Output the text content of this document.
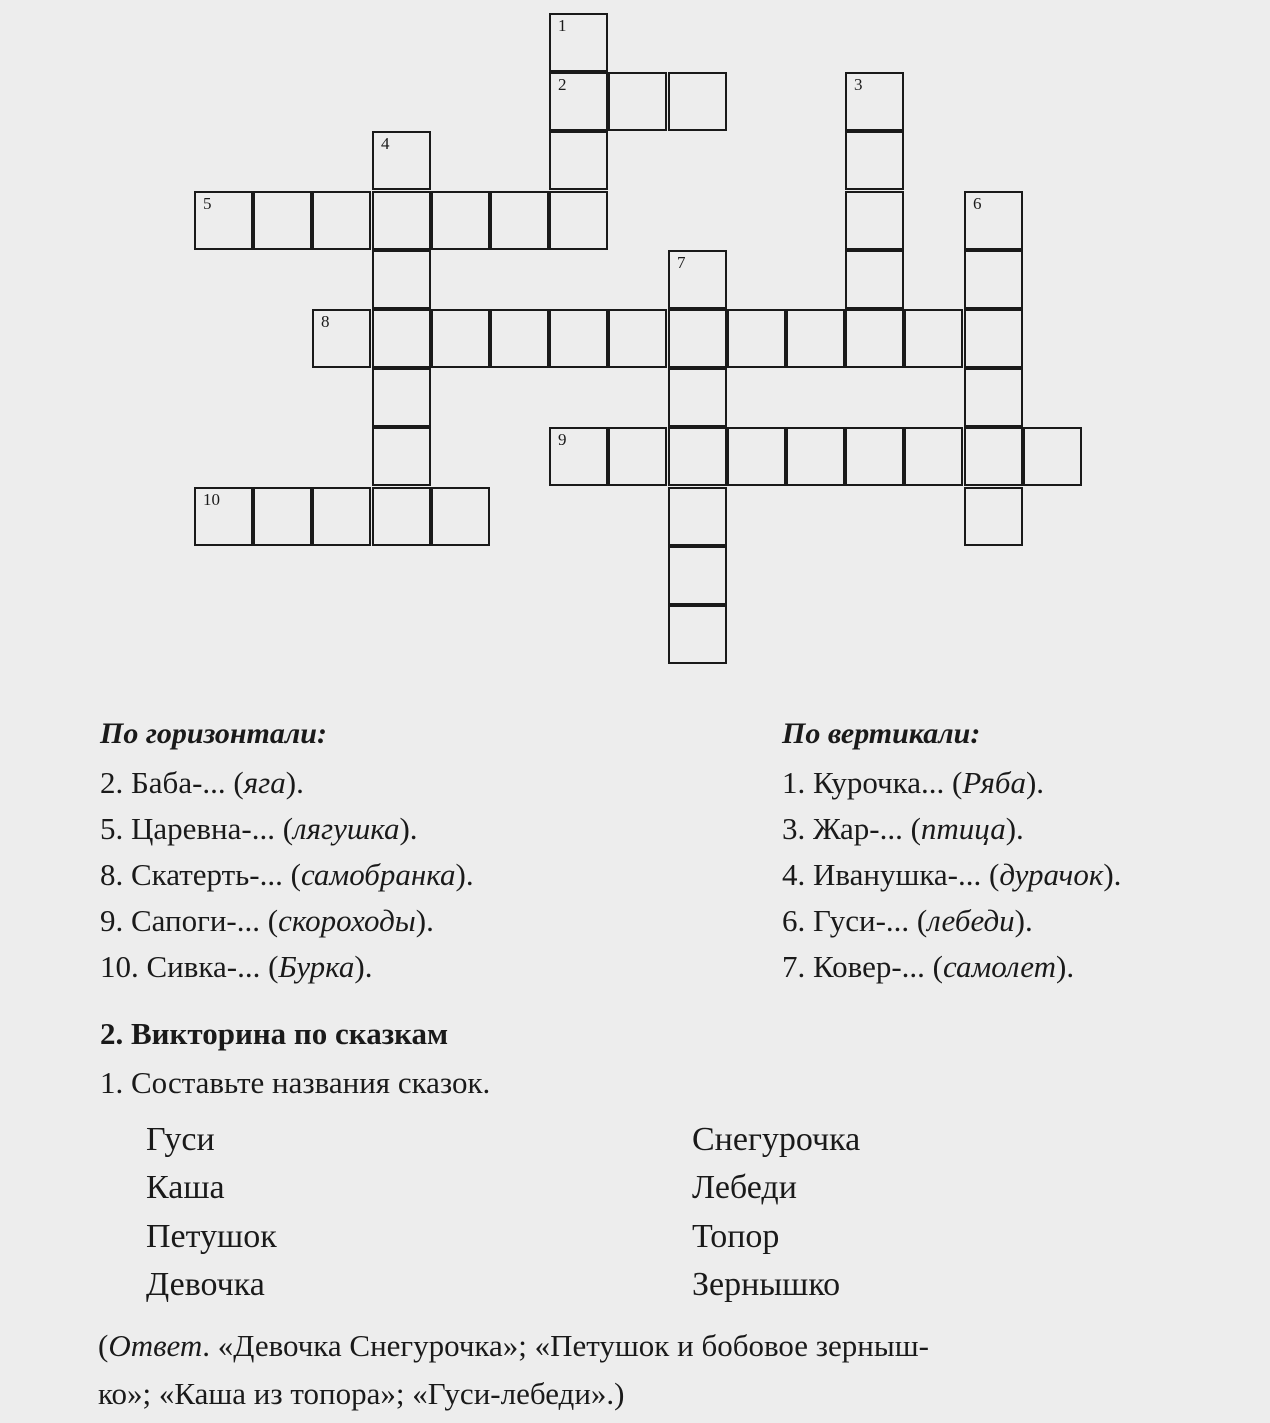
2
5
8
9
10
1
3
4
6
7
По горизонтали:
2. Баба-... (яга).
5. Царевна-... (лягушка).
8. Скатерть-... (самобранка).
9. Сапоги-... (скороходы).
10. Сивка-... (Бурка).
По вертикали:
1. Курочка... (Ряба).
3. Жар-... (птица).
4. Иванушка-... (дурачок).
6. Гуси-... (лебеди).
7. Ковер-... (самолет).
2. Викторина по сказкам
1. Составьте названия сказок.
Гуси
Каша
Петушок
Девочка
Снегурочка
Лебеди
Топор
Зернышко

(Ответ. «Девочка Снегурочка»; «Петушок и бобовое зерныш-

ко»; «Каша из топора»; «Гуси-лебеди».)
